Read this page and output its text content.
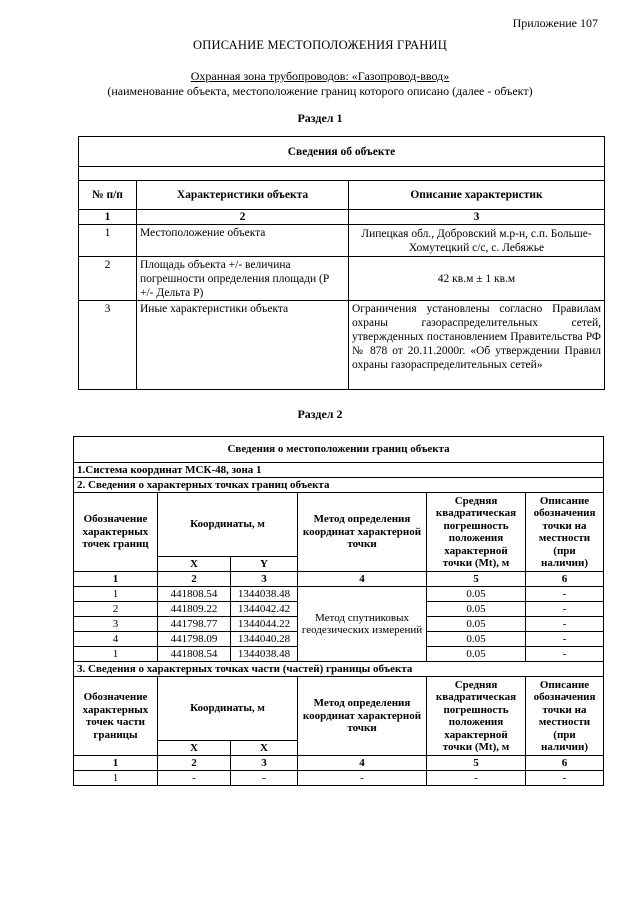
Приложение 107
ОПИСАНИЕ МЕСТОПОЛОЖЕНИЯ ГРАНИЦ
Охранная зона трубопроводов: «Газопровод-ввод»
(наименование объекта, местоположение границ которого описано (далее - объект)
Раздел 1
Сведения об объекте		

№ п/п	Характеристики объекта	Описание характеристик
1	2	3
1	Местоположение объекта	Липецкая обл., Добровский м.р-н, с.п. Больше-Хомутецкий с/с, с. Лебяжье
2	Площадь объекта +/- величина погрешности определения площади (Р +/- Дельта Р)	42 кв.м ± 1 кв.м
3	Иные характеристики объекта	Ограничения установлены согласно Правилам охраны газораспределительных сетей, утвержденных постановлением Правительства РФ № 878 от 20.11.2000г. «Об утверждении Правил охраны газораспределительных сетей»
Раздел 2
Сведения о местоположении границ объекта					
1.Система координат МСК-48, зона 1					
2. Сведения о характерных точках границ объекта					
Обозначение характерных точек границ	Координаты, м		Метод определения координат характерной точки	Средняя квадратическая погрешность положения характерной точки (Mt), м	Описание обозначения точки на местности (при наличии)
	X	Y			
1	2	3	4	5	6
1	441808.54	1344038.48	Метод спутниковых геодезических измерений	0.05	-
2	441809.22	1344042.42		0.05	-
3	441798.77	1344044.22		0.05	-
4	441798.09	1344040.28		0.05	-
1	441808.54	1344038.48		0.05	-
3. Сведения о характерных точках части (частей) границы объекта					
Обозначение характерных точек части границы	Координаты, м		Метод определения координат характерной точки	Средняя квадратическая погрешность положения характерной точки (Mt), м	Описание обозначения точки на местности (при наличии)
	X	X			
1	2	3	4	5	6
1	-	-	-	-	-
